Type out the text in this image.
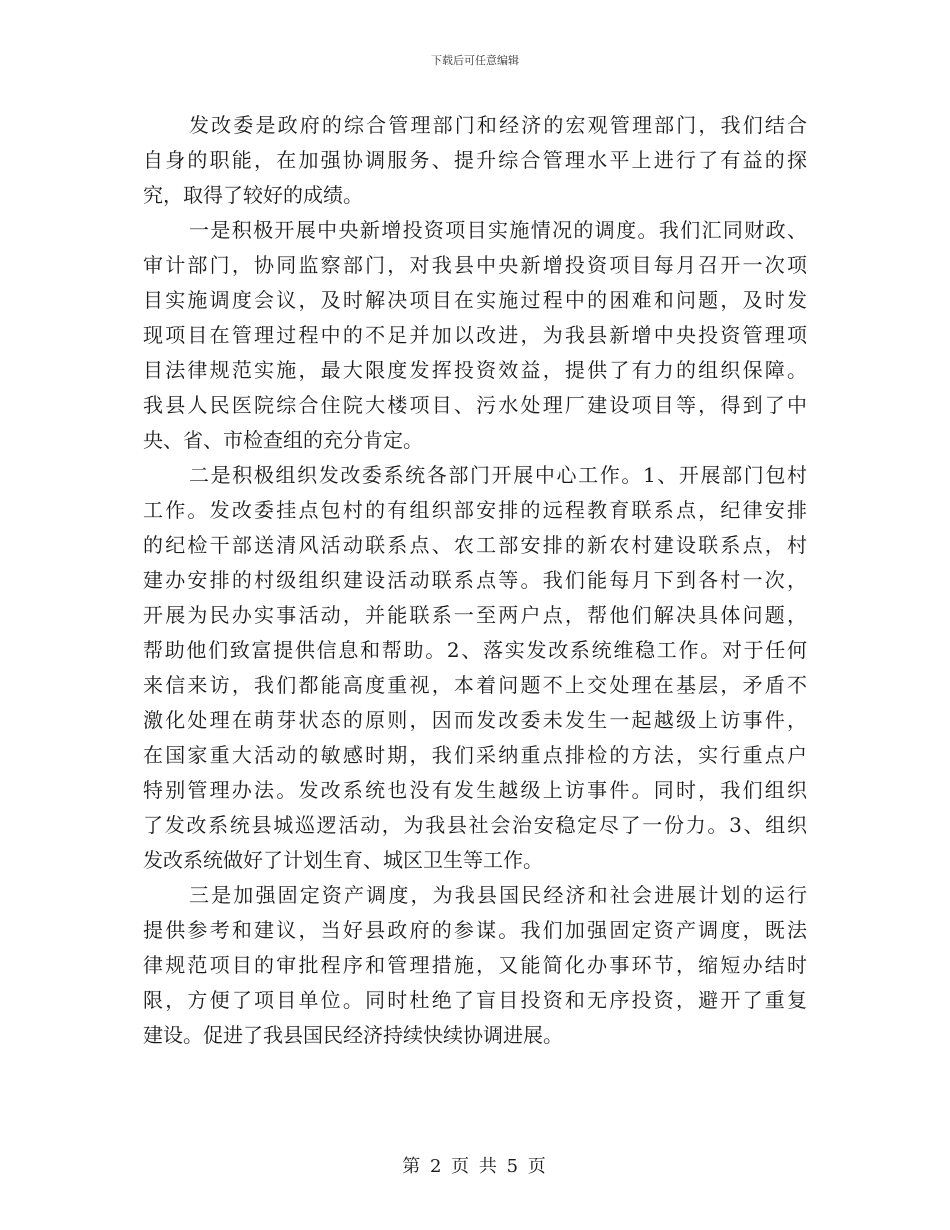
下载后可任意编辑
发改委是政府的综合管理部门和经济的宏观管理部门，我们结合
自身的职能，在加强协调服务、提升综合管理水平上进行了有益的探
究，取得了较好的成绩。
一是积极开展中央新增投资项目实施情况的调度。我们汇同财政、
审计部门，协同监察部门，对我县中央新增投资项目每月召开一次项
目实施调度会议，及时解决项目在实施过程中的困难和问题，及时发
现项目在管理过程中的不足并加以改进，为我县新增中央投资管理项
目法律规范实施，最大限度发挥投资效益，提供了有力的组织保障。
我县人民医院综合住院大楼项目、污水处理厂建设项目等，得到了中
央、省、市检查组的充分肯定。
二是积极组织发改委系统各部门开展中心工作。1、开展部门包村
工作。发改委挂点包村的有组织部安排的远程教育联系点，纪律安排
的纪检干部送清风活动联系点、农工部安排的新农村建设联系点，村
建办安排的村级组织建设活动联系点等。我们能每月下到各村一次，
开展为民办实事活动，并能联系一至两户点，帮他们解决具体问题，
帮助他们致富提供信息和帮助。2、落实发改系统维稳工作。对于任何
来信来访，我们都能高度重视，本着问题不上交处理在基层，矛盾不
激化处理在萌芽状态的原则，因而发改委未发生一起越级上访事件，
在国家重大活动的敏感时期，我们采纳重点排检的方法，实行重点户
特别管理办法。发改系统也没有发生越级上访事件。同时，我们组织
了发改系统县城巡逻活动，为我县社会治安稳定尽了一份力。3、组织
发改系统做好了计划生育、城区卫生等工作。
三是加强固定资产调度，为我县国民经济和社会进展计划的运行
提供参考和建议，当好县政府的参谋。我们加强固定资产调度，既法
律规范项目的审批程序和管理措施，又能简化办事环节，缩短办结时
限，方便了项目单位。同时杜绝了盲目投资和无序投资，避开了重复
建设。促进了我县国民经济持续快续协调进展。
第 2 页 共 5 页
